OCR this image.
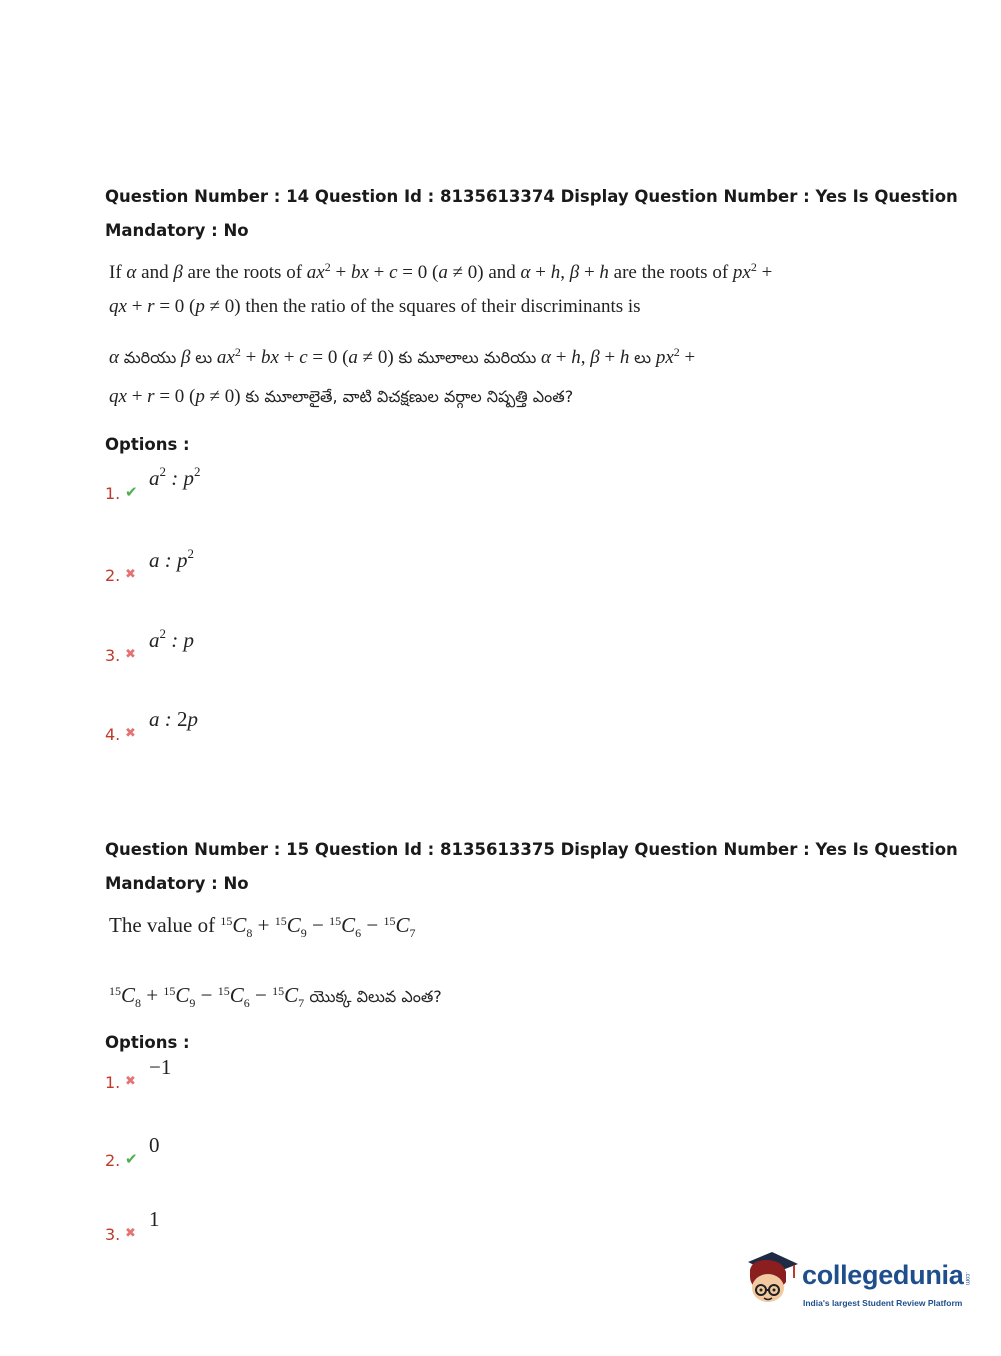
Question Number : 14 Question Id : 8135613374 Display Question Number : Yes Is Question
Mandatory : No
If α and β are the roots of $ax^2$ + bx + c = 0 (a ≠ 0) and α + h, β + h are the roots of $px^2$ +
qx + r = 0 (p ≠ 0) then the ratio of the squares of their discriminants is
α మరియు β లు $ax^2$ + bx + c = 0 (a ≠ 0) కు మూలాలు మరియు α + h, β + h లు $px^2$ +
qx + r = 0 (p ≠ 0) కు మూలాలైతే, వాటి విచక్షణుల వర్గాల నిష్పత్తి ఎంత?
Options :
1. ✔
$a^2$ : $p^2$
2. ✖
a : $p^2$
3. ✖
$a^2$ : p
4. ✖
a : 2p
Question Number : 15 Question Id : 8135613375 Display Question Number : Yes Is Question
Mandatory : No
The value of $^{15}C_8 + ^{15}C_9 - ^{15}C_6 - ^{15}C_7$
$^{15}C_8 + ^{15}C_9 - ^{15}C_6 - ^{15}C_7$ యొక్క విలువ ఎంత?
Options :
1. ✖
−1
2. ✔
0
3. ✖
1
collegedunia .com
India's largest Student Review Platform
